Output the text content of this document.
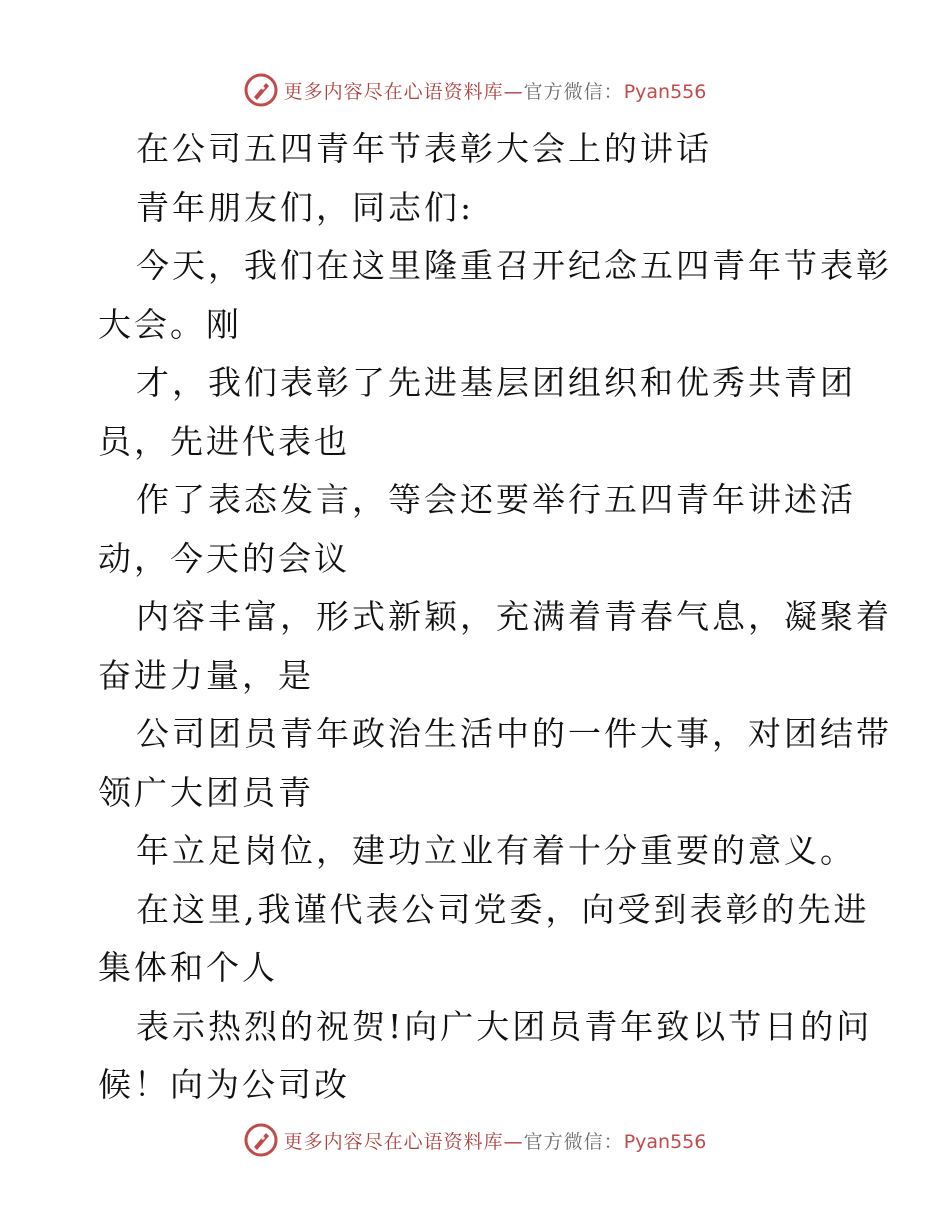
更多内容尽在心语资料库—官方微信：Pyan556
在公司五四青年节表彰大会上的讲话
青年朋友们，同志们:
今天，我们在这里隆重召开纪念五四青年节表彰
大会。刚
才，我们表彰了先进基层团组织和优秀共青团
员，先进代表也
作了表态发言，等会还要举行五四青年讲述活
动，今天的会议
内容丰富，形式新颖，充满着青春气息，凝聚着
奋进力量，是
公司团员青年政治生活中的一件大事，对团结带
领广大团员青
年立足岗位，建功立业有着十分重要的意义。
在这里,我谨代表公司党委，向受到表彰的先进
集体和个人
表示热烈的祝贺!向广大团员青年致以节日的问
候！向为公司改
更多内容尽在心语资料库—官方微信：Pyan556
